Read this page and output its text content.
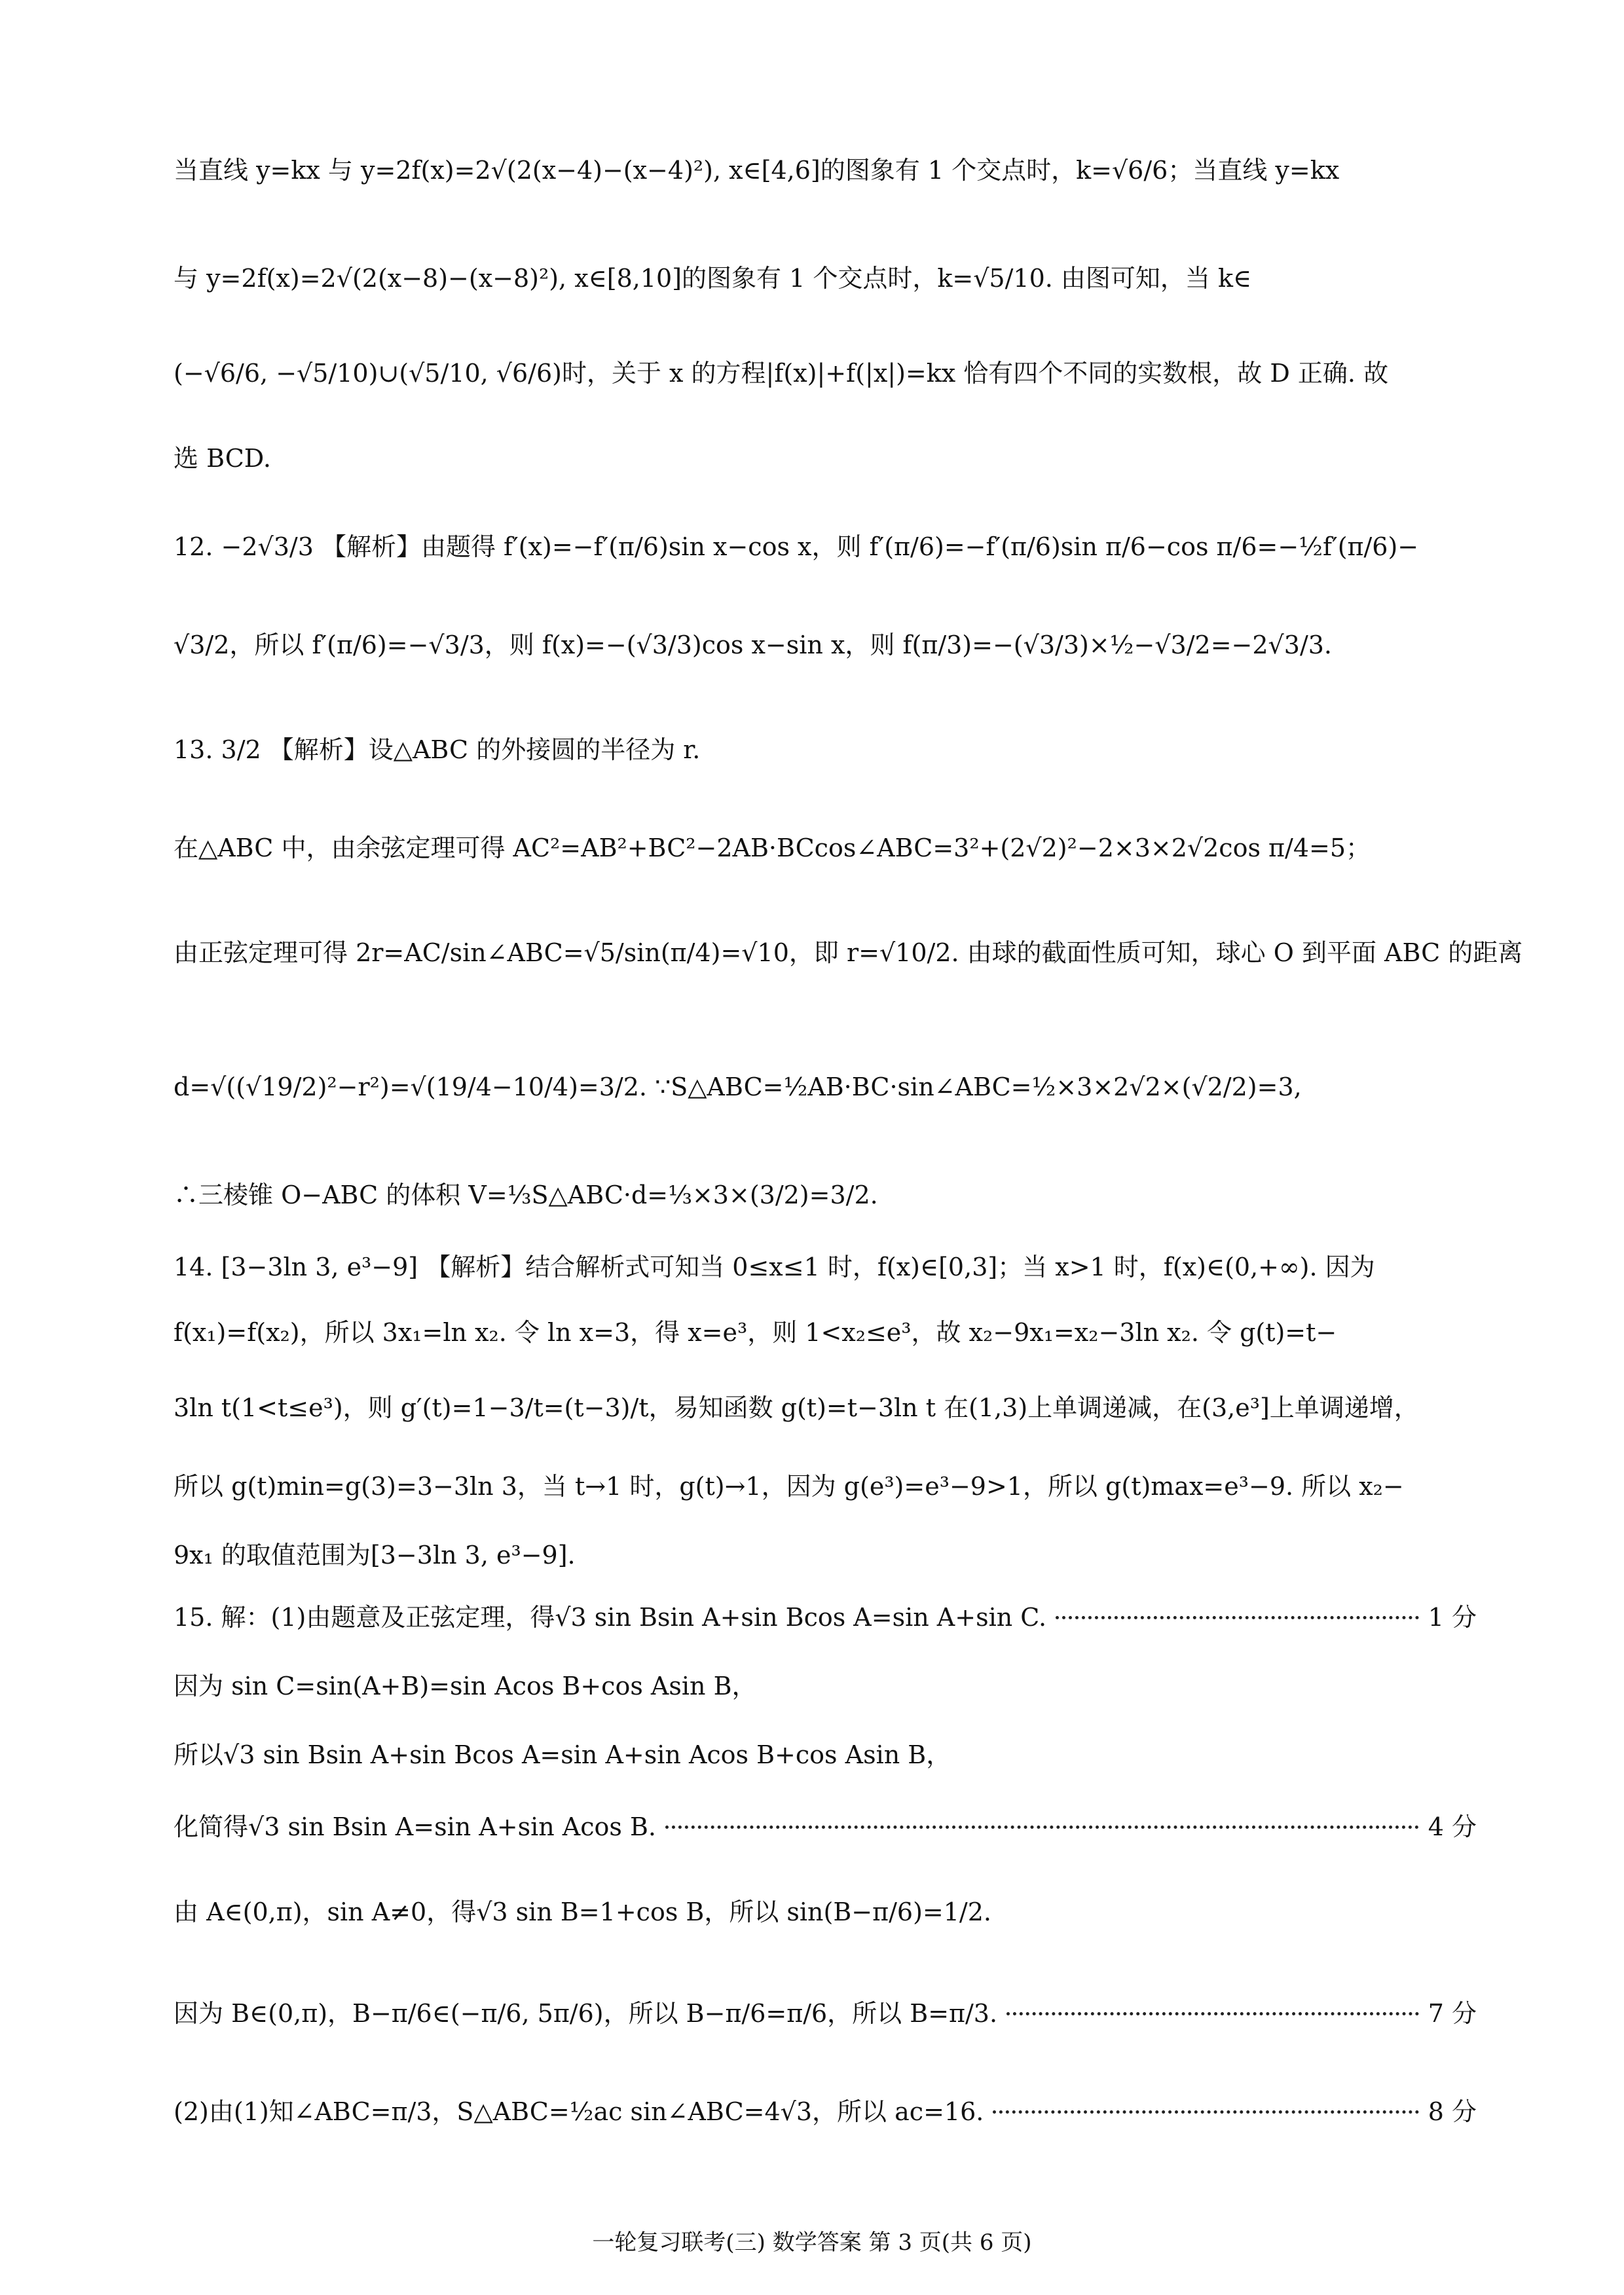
当直线 y=kx 与 y=2f(x)=2√(2(x−4)−(x−4)²), x∈[4,6]的图象有 1 个交点时，k=√6/6；当直线 y=kx
与 y=2f(x)=2√(2(x−8)−(x−8)²), x∈[8,10]的图象有 1 个交点时，k=√5/10. 由图可知，当 k∈
(−√6/6, −√5/10)∪(√5/10, √6/6)时，关于 x 的方程|f(x)|+f(|x|)=kx 恰有四个不同的实数根，故 D 正确. 故
选 BCD.
12. −2√3/3 【解析】由题得 f′(x)=−f′(π/6)sin x−cos x，则 f′(π/6)=−f′(π/6)sin π/6−cos π/6=−½f′(π/6)−
√3/2，所以 f′(π/6)=−√3/3，则 f(x)=−(√3/3)cos x−sin x，则 f(π/3)=−(√3/3)×½−√3/2=−2√3/3.
13. 3/2 【解析】设△ABC 的外接圆的半径为 r.
在△ABC 中，由余弦定理可得 AC²=AB²+BC²−2AB·BCcos∠ABC=3²+(2√2)²−2×3×2√2cos π/4=5；
由正弦定理可得 2r=AC/sin∠ABC=√5/sin(π/4)=√10，即 r=√10/2. 由球的截面性质可知，球心 O 到平面 ABC 的距离
d=√((√19/2)²−r²)=√(19/4−10/4)=3/2. ∵S△ABC=½AB·BC·sin∠ABC=½×3×2√2×(√2/2)=3,
∴三棱锥 O−ABC 的体积 V=⅓S△ABC·d=⅓×3×(3/2)=3/2.
14. [3−3ln 3, e³−9] 【解析】结合解析式可知当 0≤x≤1 时，f(x)∈[0,3]；当 x>1 时，f(x)∈(0,+∞). 因为
f(x₁)=f(x₂)，所以 3x₁=ln x₂. 令 ln x=3，得 x=e³，则 1<x₂≤e³，故 x₂−9x₁=x₂−3ln x₂. 令 g(t)=t−
3ln t(1<t≤e³)，则 g′(t)=1−3/t=(t−3)/t，易知函数 g(t)=t−3ln t 在(1,3)上单调递减，在(3,e³]上单调递增，
所以 g(t)min=g(3)=3−3ln 3，当 t→1 时，g(t)→1，因为 g(e³)=e³−9>1，所以 g(t)max=e³−9. 所以 x₂−
9x₁ 的取值范围为[3−3ln 3, e³−9].
15. 解：(1)由题意及正弦定理，得√3 sin Bsin A+sin Bcos A=sin A+sin C.	1 分
因为 sin C=sin(A+B)=sin Acos B+cos Asin B，
所以√3 sin Bsin A+sin Bcos A=sin A+sin Acos B+cos Asin B，
化简得√3 sin Bsin A=sin A+sin Acos B.	4 分
由 A∈(0,π)，sin A≠0，得√3 sin B=1+cos B，所以 sin(B−π/6)=1/2.
因为 B∈(0,π)，B−π/6∈(−π/6, 5π/6)，所以 B−π/6=π/6，所以 B=π/3.	7 分
(2)由(1)知∠ABC=π/3，S△ABC=½ac sin∠ABC=4√3，所以 ac=16.	8 分
一轮复习联考(三) 数学答案 第 3 页(共 6 页)
